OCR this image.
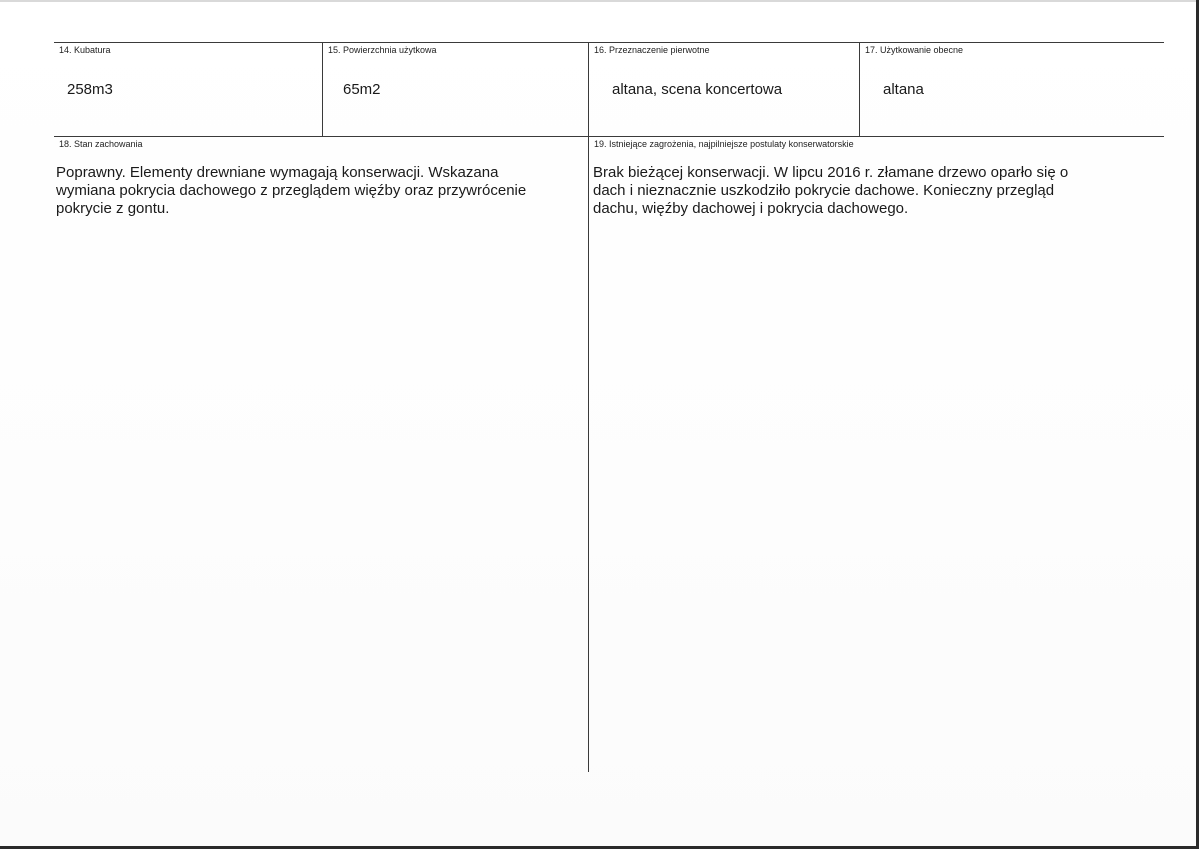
14. Kubatura
258m3
15. Powierzchnia użytkowa
65m2
16. Przeznaczenie pierwotne
altana, scena koncertowa
17. Użytkowanie obecne
altana
18. Stan zachowania
Poprawny. Elementy drewniane wymagają konserwacji. Wskazana
wymiana pokrycia dachowego z przeglądem więźby oraz przywrócenie
pokrycie z gontu.
19. Istniejące zagrożenia, najpilniejsze postulaty konserwatorskie
Brak bieżącej konserwacji. W lipcu 2016 r. złamane drzewo oparło się o
dach i nieznacznie uszkodziło pokrycie dachowe. Konieczny przegląd
dachu, więźby dachowej i pokrycia dachowego.
